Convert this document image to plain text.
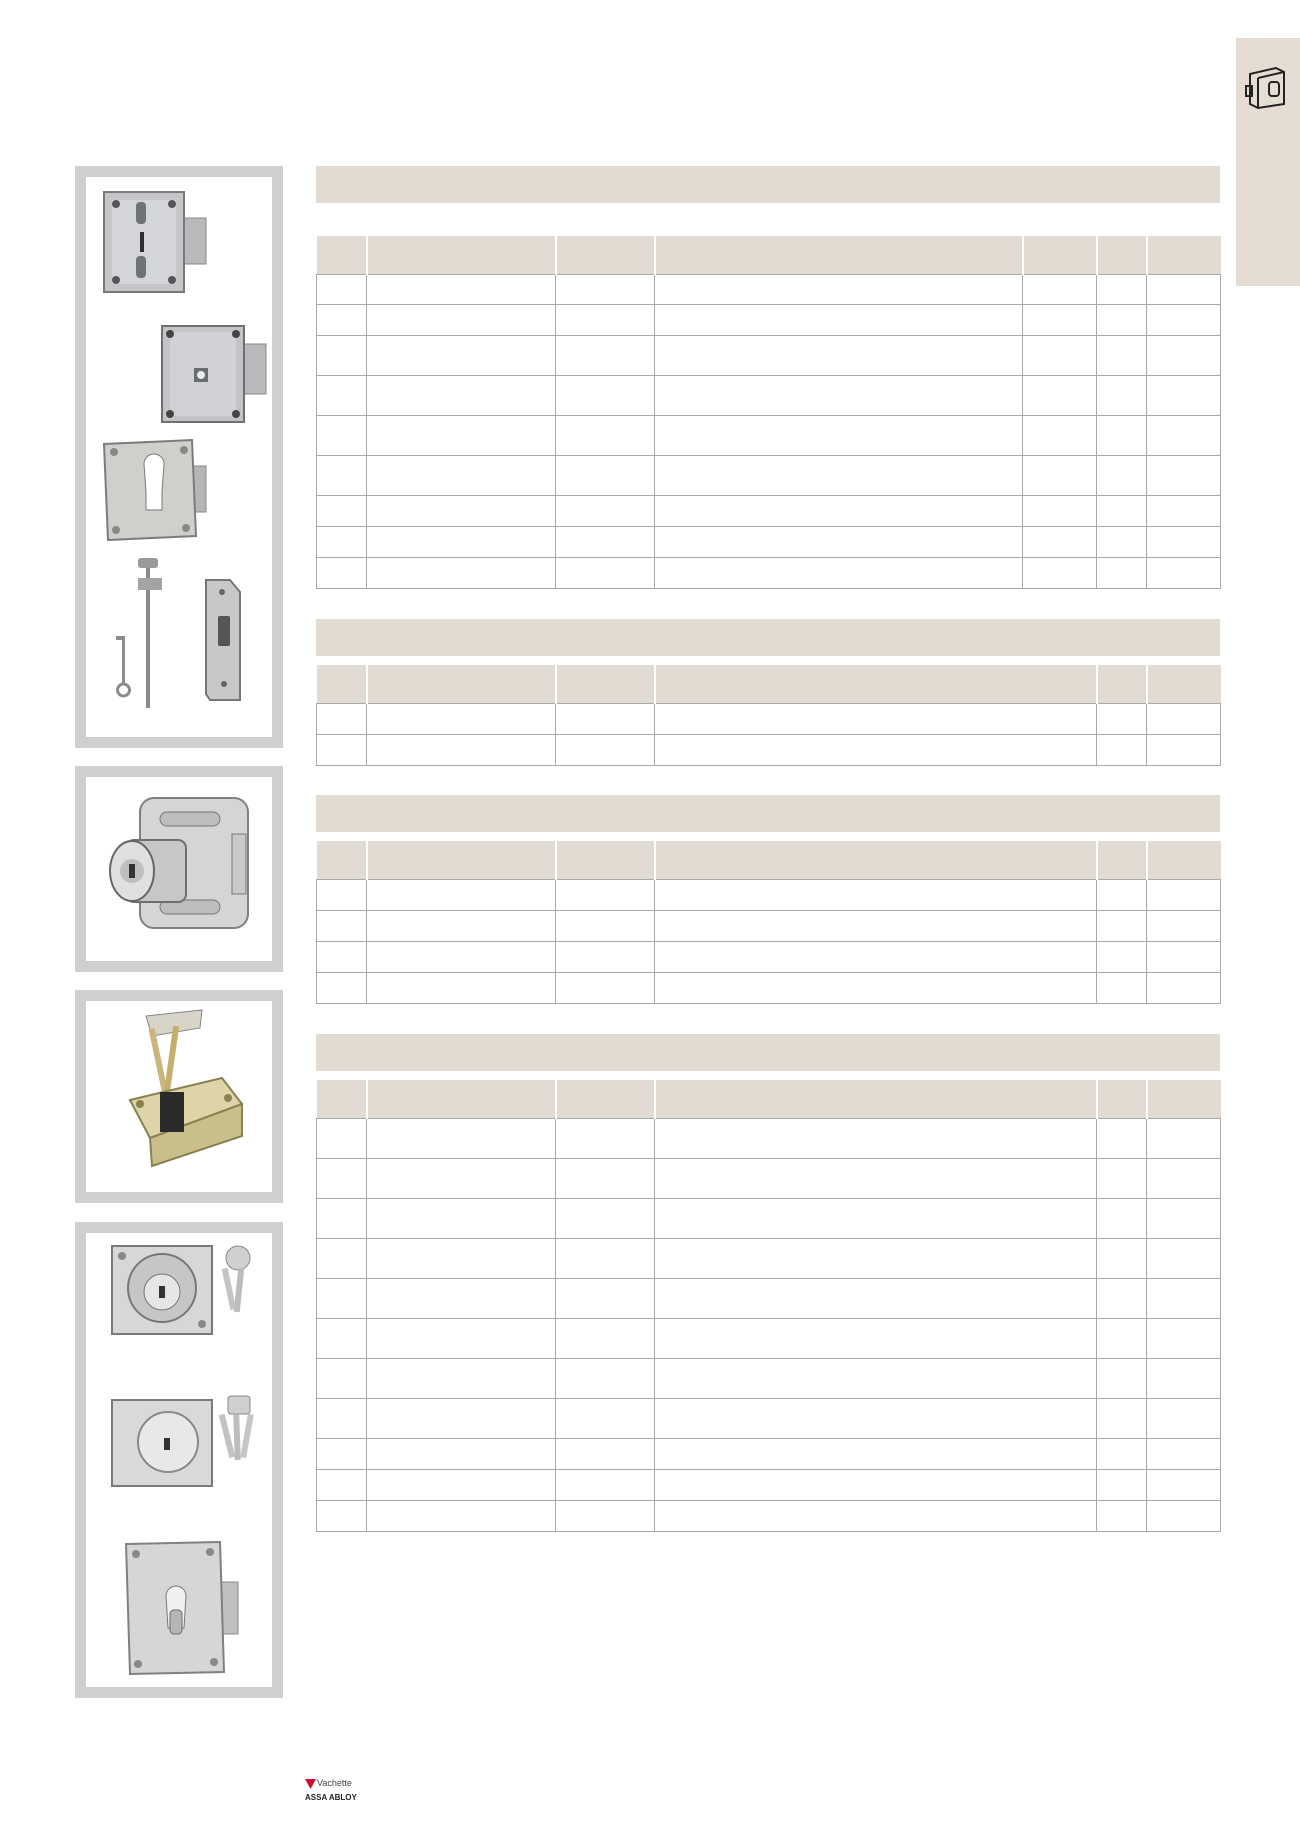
Vachette
ASSA ABLOY
